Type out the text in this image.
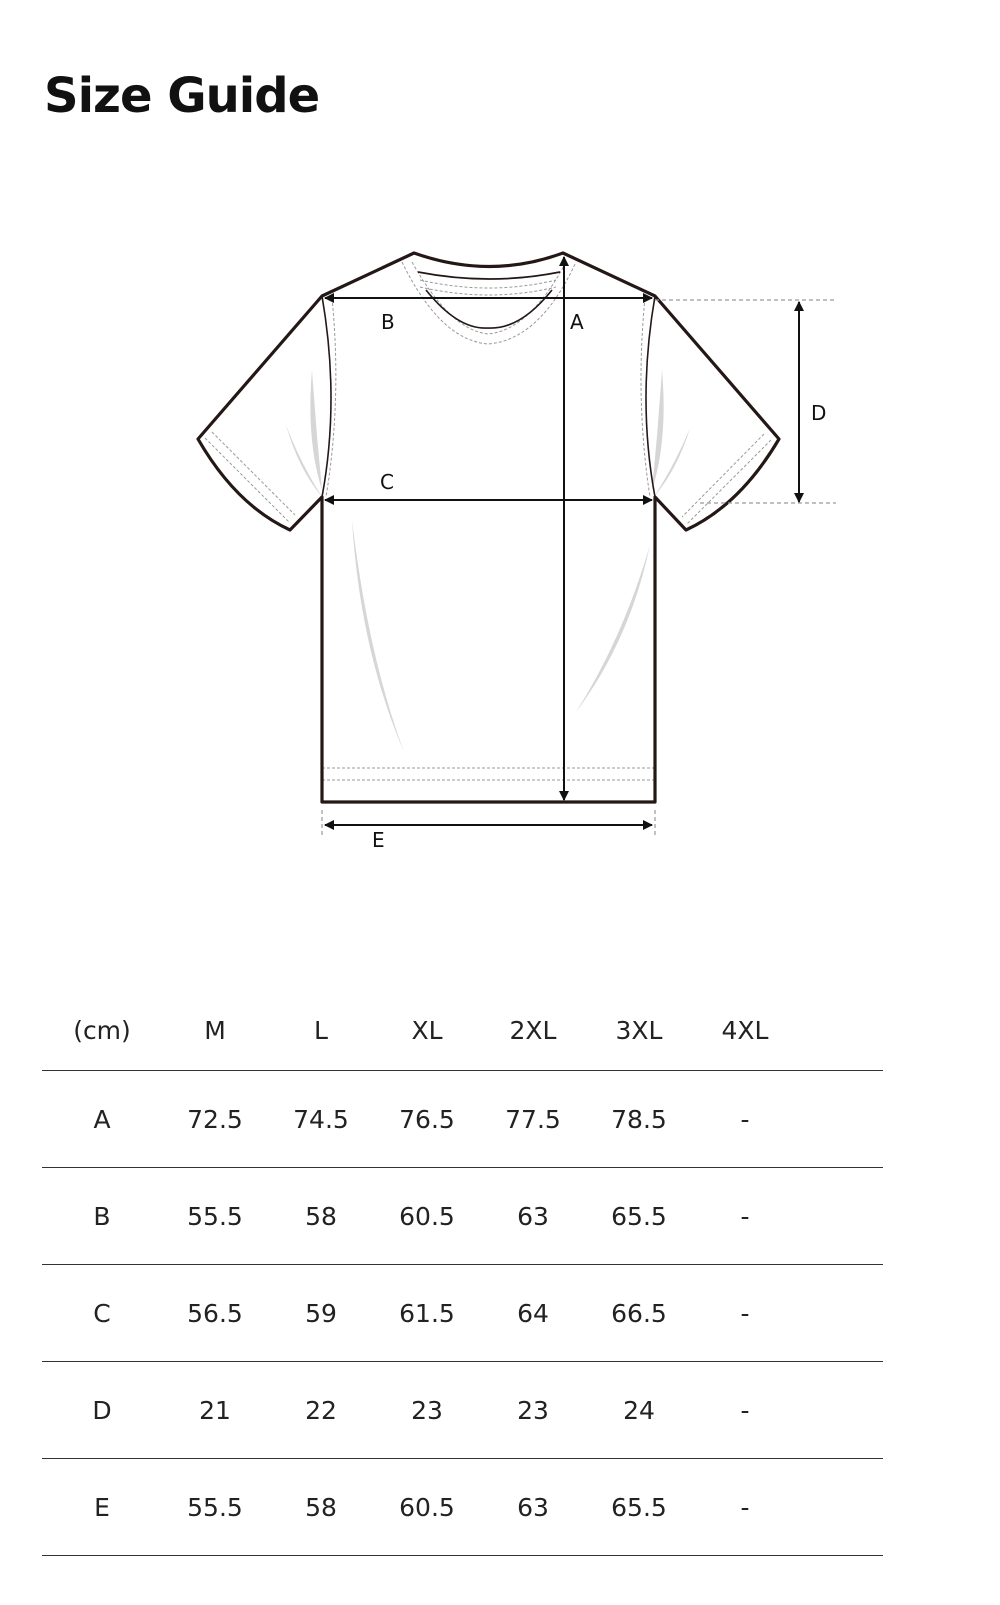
Size Guide
B	A
C
D
E
(cm)	M	L	XL	2XL	3XL	4XL	
A	72.5	74.5	76.5	77.5	78.5	-	
B	55.5	58	60.5	63	65.5	-	
C	56.5	59	61.5	64	66.5	-	
D	21	22	23	23	24	-	
E	55.5	58	60.5	63	65.5	-	
